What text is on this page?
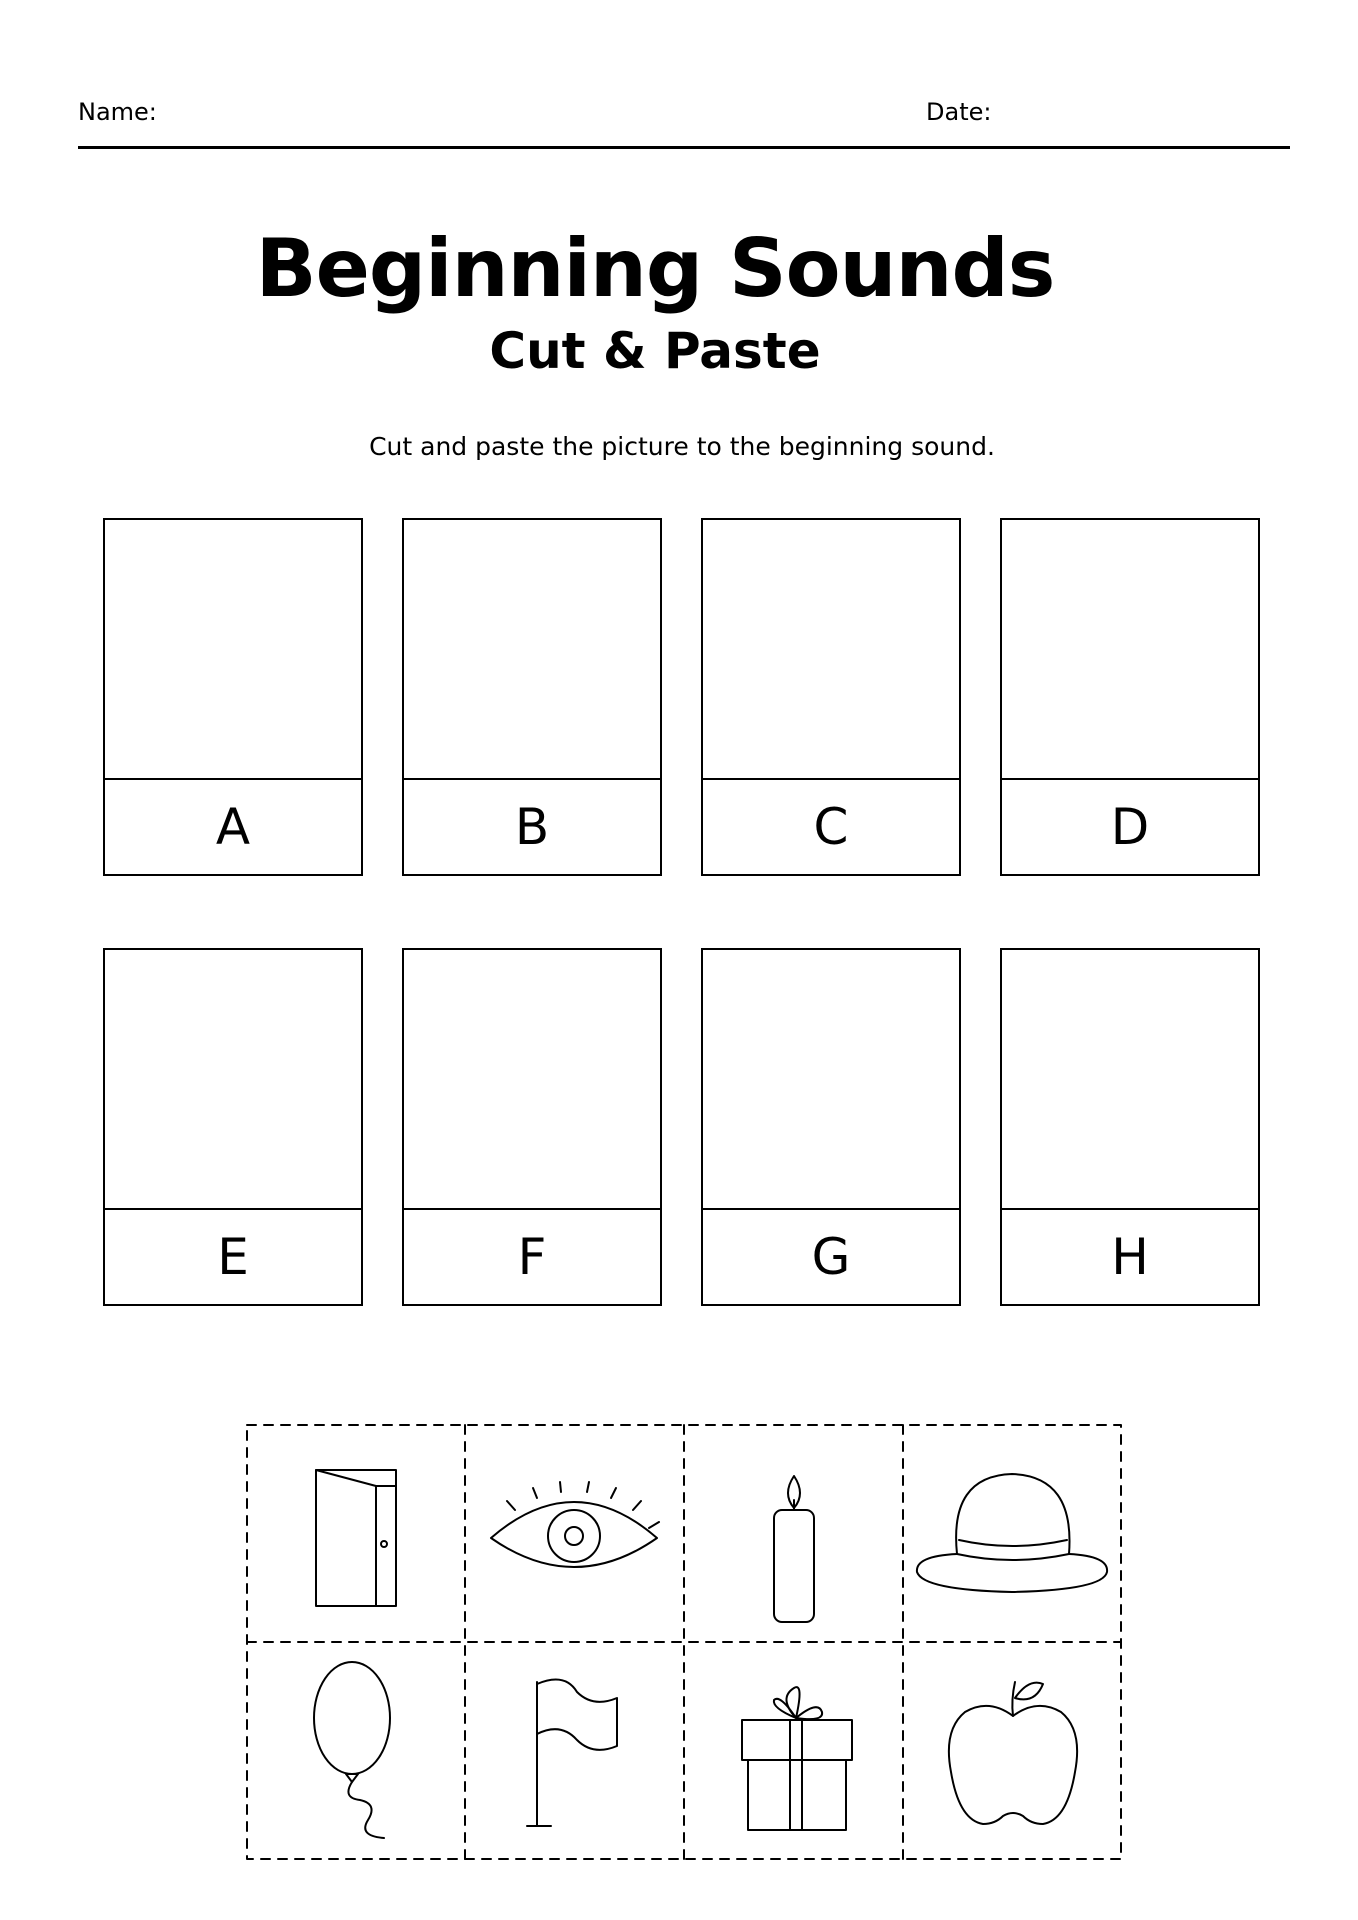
Name:	Date:
Beginning Sounds
Cut & Paste
Cut and paste the picture to the beginning sound.
A	B	C	D
E	F	G	H
